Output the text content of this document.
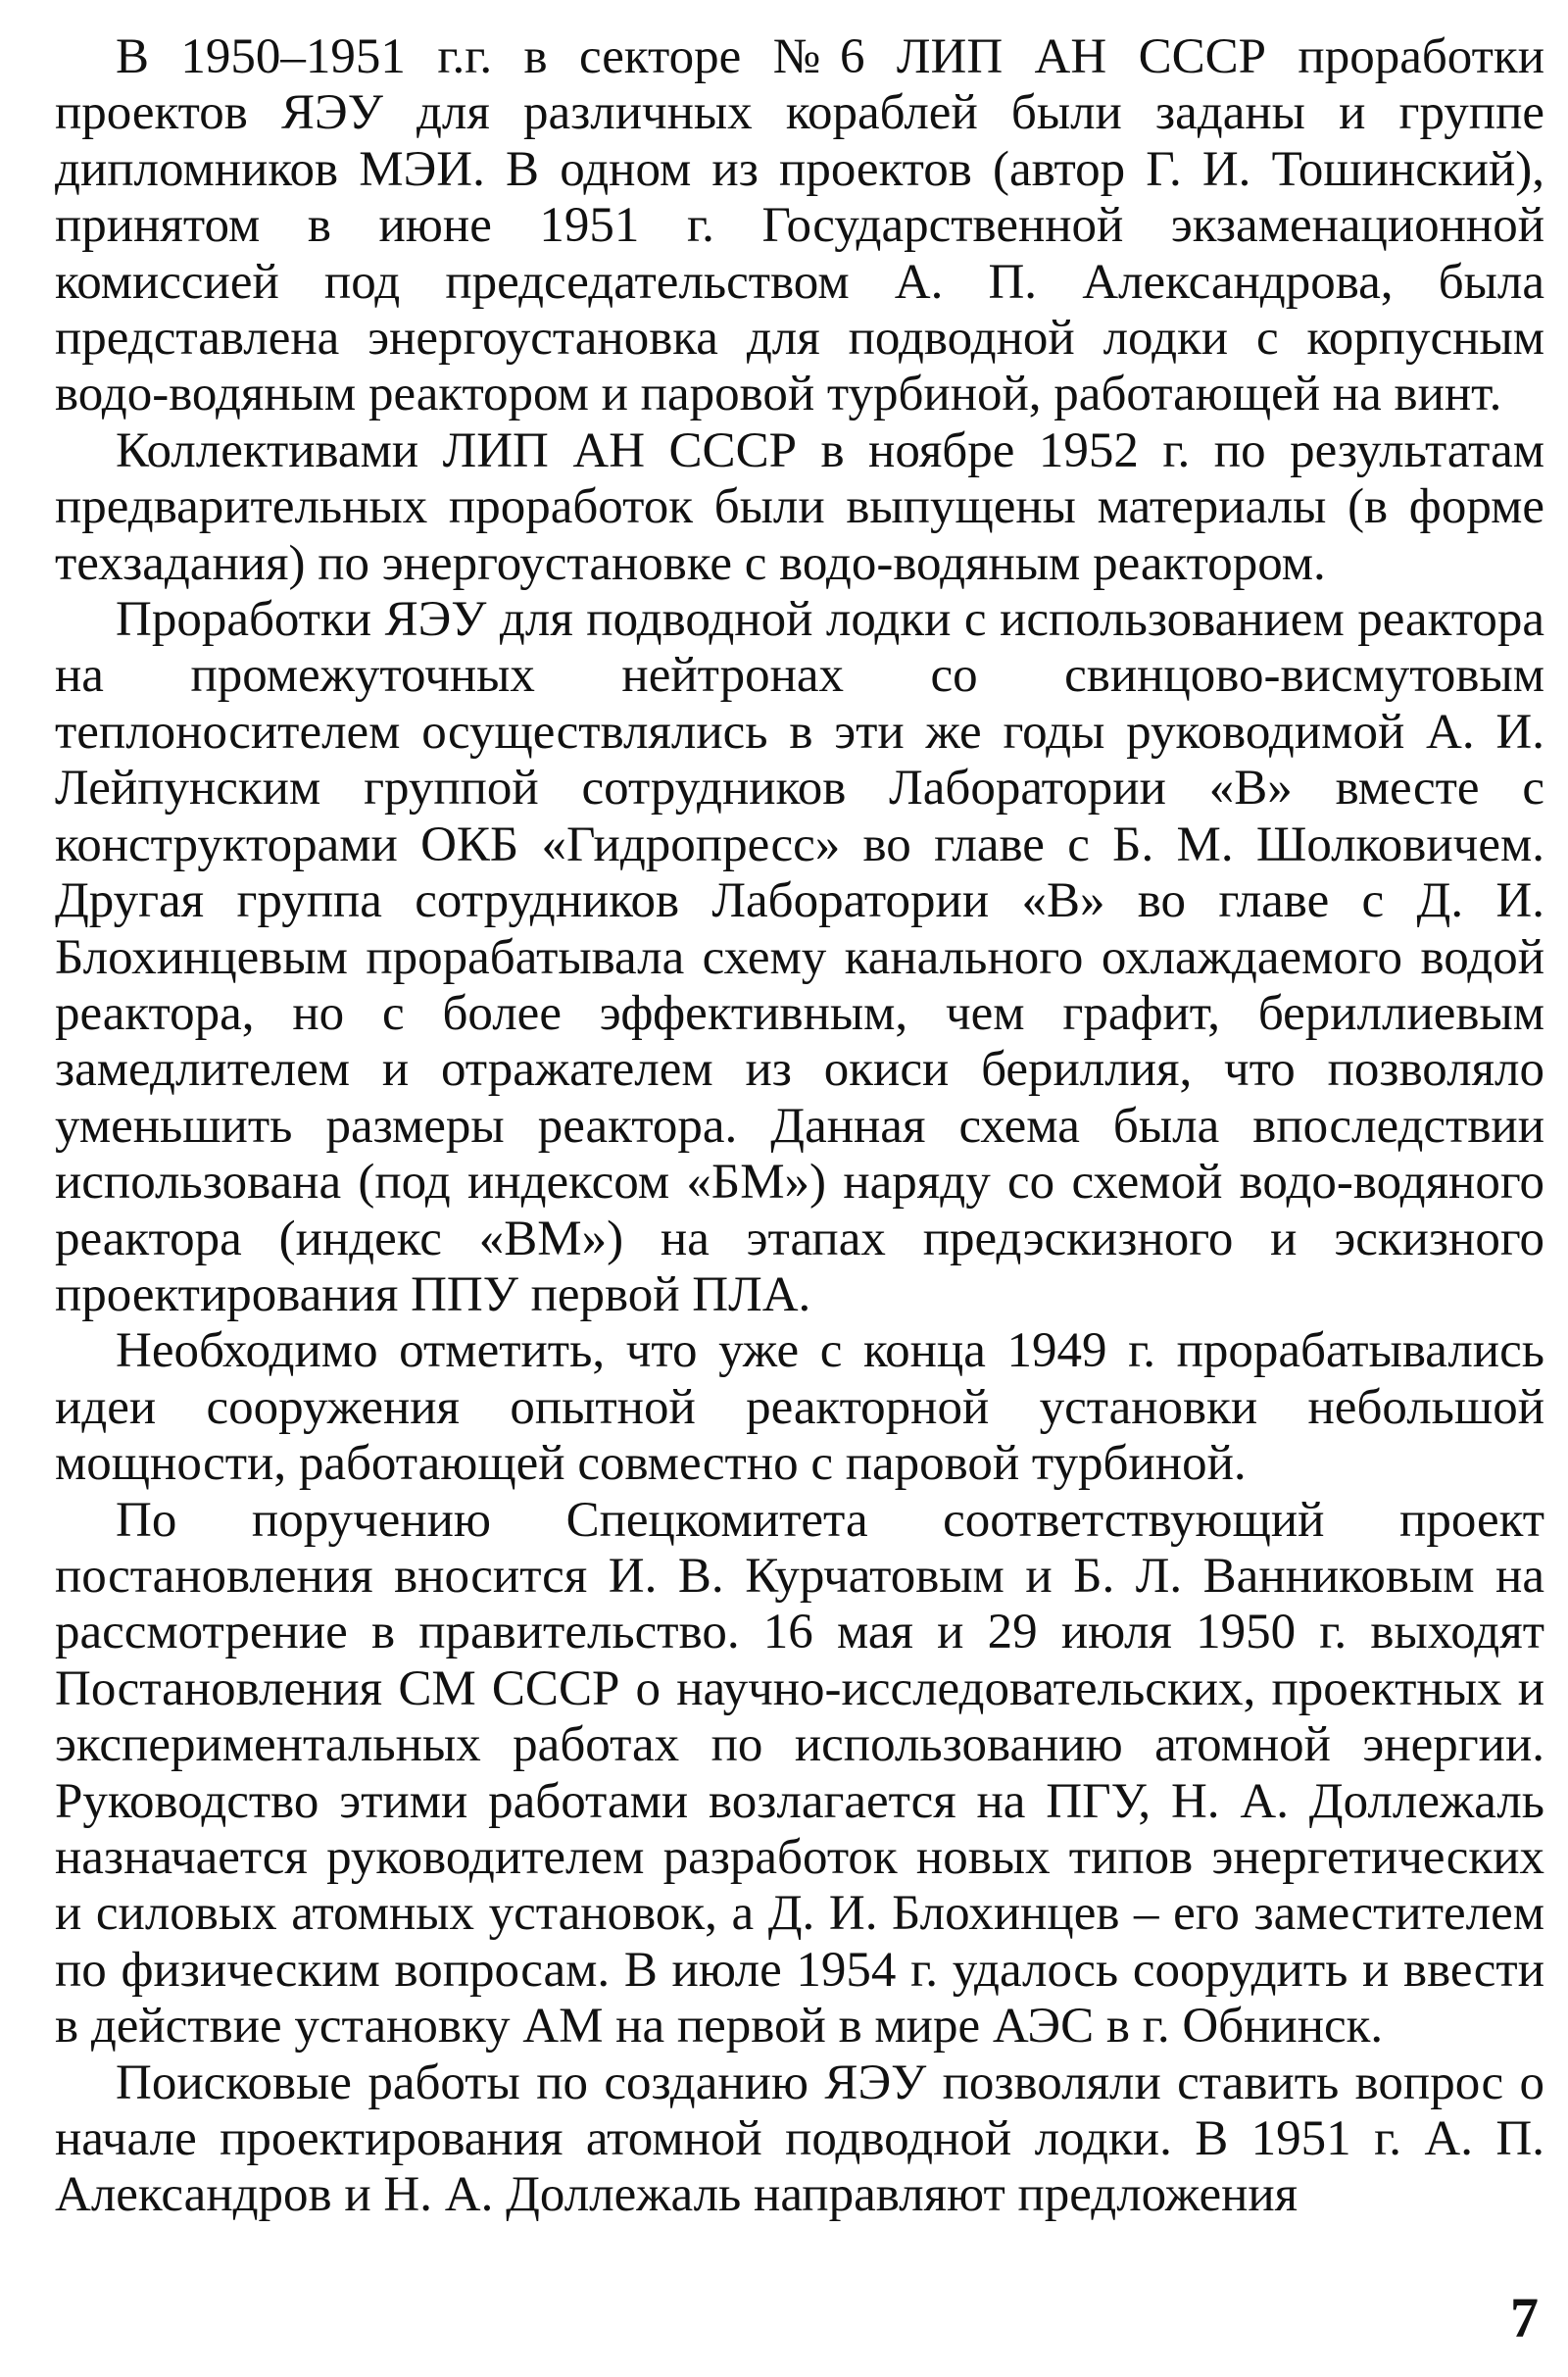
В 1950–1951 г.г. в секторе №6 ЛИП АН СССР проработки проектов ЯЭУ для различных кораблей были заданы и группе дипломников МЭИ. В одном из проектов (автор Г. И. Тошинский), принятом в июне 1951 г. Государственной экзаменационной комиссией под председательством А. П. Александрова, была представлена энергоустановка для подводной лодки с корпусным водо-водяным реактором и паровой турбиной, работающей на винт.

Коллективами ЛИП АН СССР в ноябре 1952 г. по результатам предварительных проработок были выпущены материалы (в форме техзадания) по энергоустановке с водо-водяным реактором.

Проработки ЯЭУ для подводной лодки с использованием реактора на промежуточных нейтронах со свинцово-висмутовым теплоносителем осуществлялись в эти же годы руководимой А. И. Лейпунским группой сотрудников Лаборатории «В» вместе с конструкторами ОКБ «Гидропресс» во главе с Б. М. Шолковичем. Другая группа сотрудников Лаборатории «В» во главе с Д. И. Блохинцевым прорабатывала схему канального охлаждаемого водой реактора, но с более эффективным, чем графит, бериллиевым замедлителем и отражателем из окиси бериллия, что позволяло уменьшить размеры реактора. Данная схема была впоследствии использована (под индексом «БМ») наряду со схемой водо-водяного реактора (индекс «ВМ») на этапах предэскизного и эскизного проектирования ППУ первой ПЛА.

Необходимо отметить, что уже с конца 1949 г. прорабатывались идеи сооружения опытной реакторной установки небольшой мощности, работающей совместно с паровой турбиной.

По поручению Спецкомитета соответствующий проект постановления вносится И. В. Курчатовым и Б. Л. Ванниковым на рассмотрение в правительство. 16 мая и 29 июля 1950 г. выходят Постановления СМ СССР о научно-исследовательских, проектных и экспериментальных работах по использованию атомной энергии. Руководство этими работами возлагается на ПГУ, Н. А. Доллежаль назначается руководителем разработок новых типов энергетических и силовых атомных установок, а Д. И. Блохинцев – его заместителем по физическим вопросам. В июле 1954 г. удалось соорудить и ввести в действие установку АМ на первой в мире АЭС в г. Обнинск.

Поисковые работы по созданию ЯЭУ позволяли ставить вопрос о начале проектирования атомной подводной лодки. В 1951 г. А. П. Александров и Н. А. Доллежаль направляют предложения

7
